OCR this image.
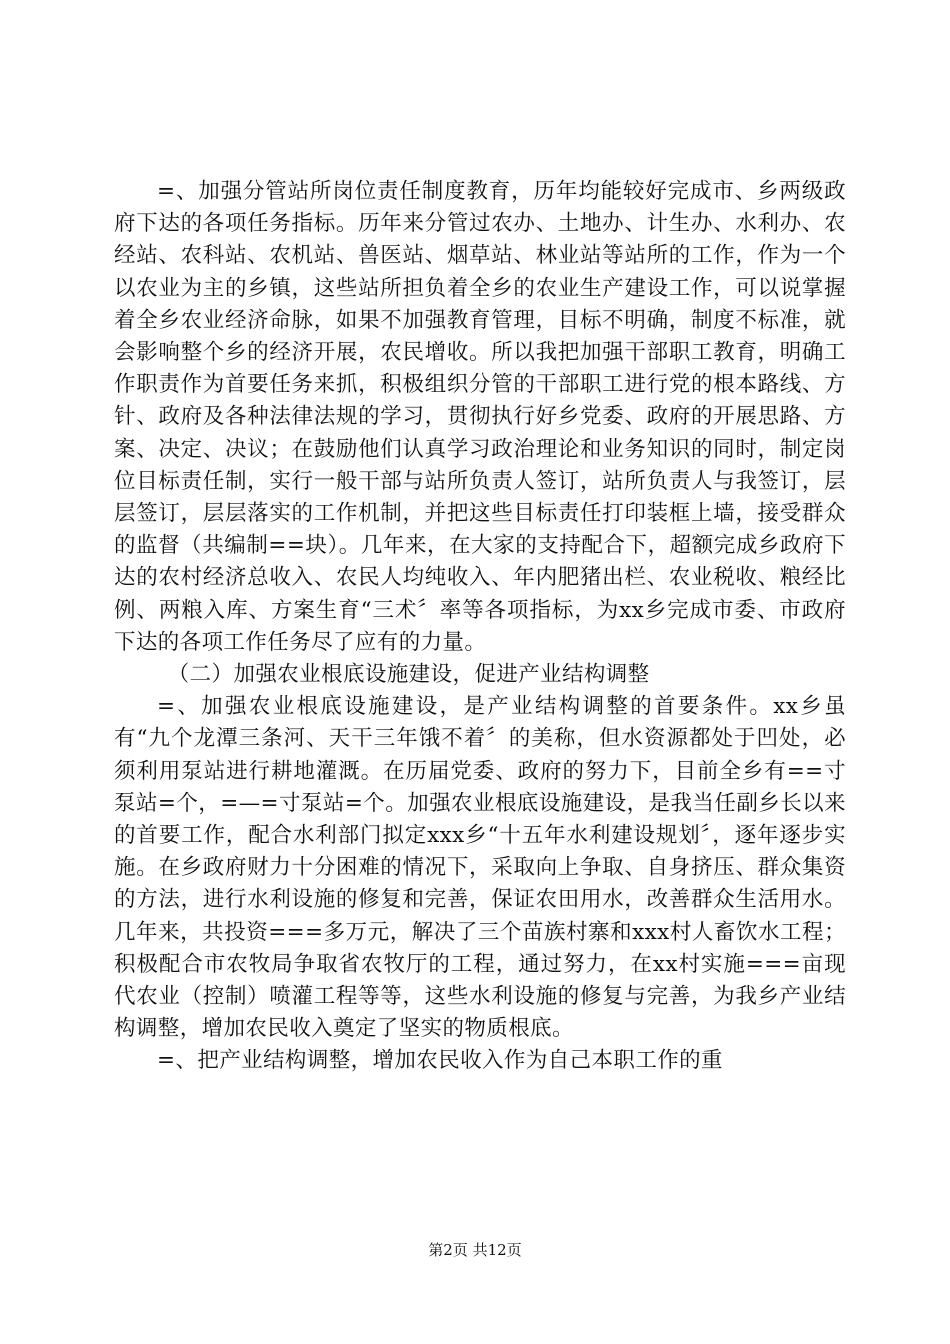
=、加强分管站所岗位责任制度教育，历年均能较好完成市、乡两级政府下达的各项任务指标。历年来分管过农办、土地办、计生办、水利办、农经站、农科站、农机站、兽医站、烟草站、林业站等站所的工作，作为一个以农业为主的乡镇，这些站所担负着全乡的农业生产建设工作，可以说掌握着全乡农业经济命脉，如果不加强教育管理，目标不明确，制度不标准，就会影响整个乡的经济开展，农民增收。所以我把加强干部职工教育，明确工作职责作为首要任务来抓，积极组织分管的干部职工进行党的根本路线、方针、政府及各种法律法规的学习，贯彻执行好乡党委、政府的开展思路、方案、决定、决议；在鼓励他们认真学习政治理论和业务知识的同时，制定岗位目标责任制，实行一般干部与站所负责人签订，站所负责人与我签订，层层签订，层层落实的工作机制，并把这些目标责任打印装框上墙，接受群众的监督（共编制==块）。几年来，在大家的支持配合下，超额完成乡政府下达的农村经济总收入、农民人均纯收入、年内肥猪出栏、农业税收、粮经比例、两粮入库、方案生育“三术〞率等各项指标，为xx乡完成市委、市政府下达的各项工作任务尽了应有的力量。

（二）加强农业根底设施建设，促进产业结构调整

=、加强农业根底设施建设，是产业结构调整的首要条件。xx乡虽有“九个龙潭三条河、天干三年饿不着〞的美称，但水资源都处于凹处，必须利用泵站进行耕地灌溉。在历届党委、政府的努力下，目前全乡有==寸泵站=个，=—=寸泵站=个。加强农业根底设施建设，是我当任副乡长以来的首要工作，配合水利部门拟定xxx乡“十五年水利建设规划〞，逐年逐步实施。在乡政府财力十分困难的情况下，采取向上争取、自身挤压、群众集资的方法，进行水利设施的修复和完善，保证农田用水，改善群众生活用水。几年来，共投资===多万元，解决了三个苗族村寨和xxx村人畜饮水工程；积极配合市农牧局争取省农牧厅的工程，通过努力，在xx村实施===亩现代农业（控制）喷灌工程等等，这些水利设施的修复与完善，为我乡产业结构调整，增加农民收入奠定了坚实的物质根底。

=、把产业结构调整，增加农民收入作为自己本职工作的重

第2页 共12页
